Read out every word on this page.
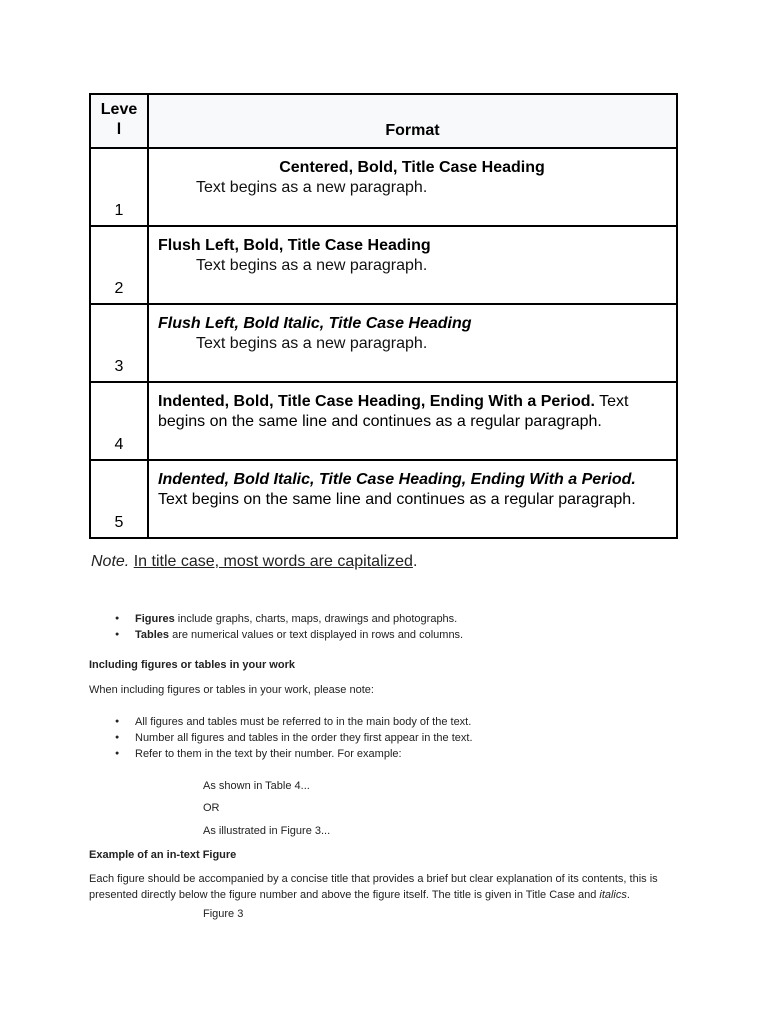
Leve
l	Format
1
Centered, Bold, Title Case Heading
Text begins as a new paragraph.
2
Flush Left, Bold, Title Case Heading
Text begins as a new paragraph.
3
Flush Left, Bold Italic, Title Case Heading
Text begins as a new paragraph.
4
Indented, Bold, Title Case Heading, Ending With a Period. Text begins on the same line and continues as a regular paragraph.
5
Indented, Bold Italic, Title Case Heading, Ending With a Period. Text begins on the same line and continues as a regular paragraph.
Note. In title case, most words are capitalized.
● Figures include graphs, charts, maps, drawings and photographs.
● Tables are numerical values or text displayed in rows and columns.
Including figures or tables in your work
When including figures or tables in your work, please note:
● All figures and tables must be referred to in the main body of the text.
● Number all figures and tables in the order they first appear in the text.
● Refer to them in the text by their number. For example:
As shown in Table 4...
OR
As illustrated in Figure 3...
Example of an in-text Figure
Each figure should be accompanied by a concise title that provides a brief but clear explanation of its contents, this is presented directly below the figure number and above the figure itself. The title is given in Title Case and italics.
Figure 3
